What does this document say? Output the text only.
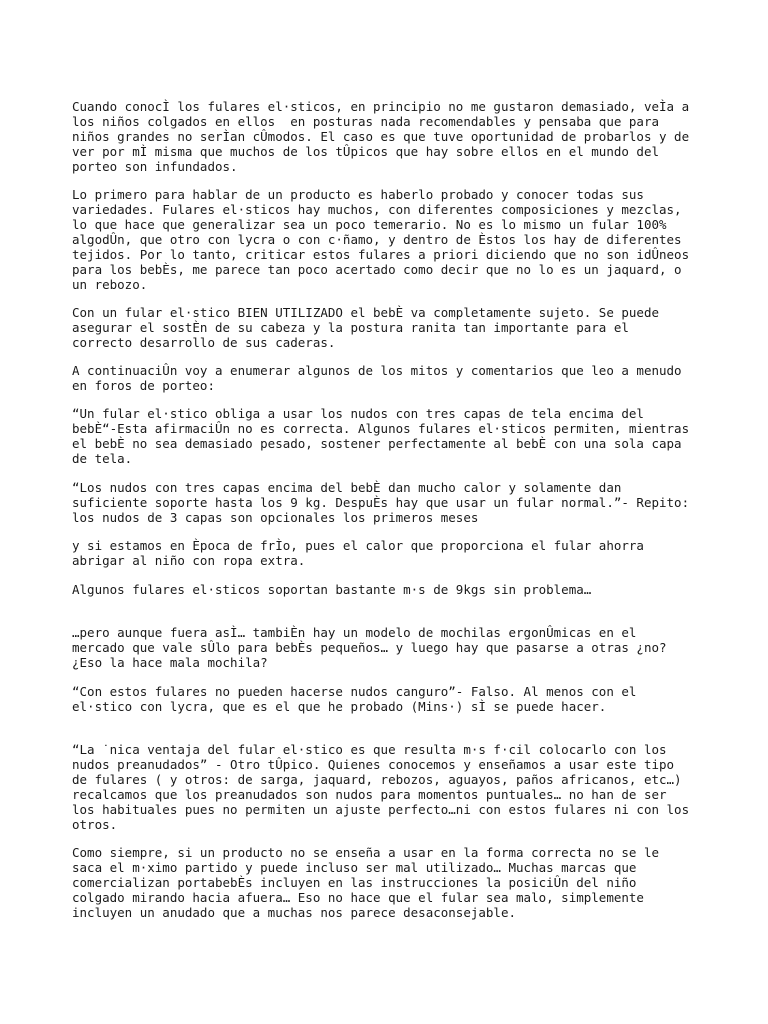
Cuando conocÌ los fulares el·sticos, en principio no me gustaron demasiado, veÌa a
los niños colgados en ellos  en posturas nada recomendables y pensaba que para
niños grandes no serÌan cÛmodos. El caso es que tuve oportunidad de probarlos y de
ver por mÌ misma que muchos de los tÛpicos que hay sobre ellos en el mundo del
porteo son infundados.

Lo primero para hablar de un producto es haberlo probado y conocer todas sus
variedades. Fulares el·sticos hay muchos, con diferentes composiciones y mezclas,
lo que hace que generalizar sea un poco temerario. No es lo mismo un fular 100%
algodÛn, que otro con lycra o con c·ñamo, y dentro de Èstos los hay de diferentes
tejidos. Por lo tanto, criticar estos fulares a priori diciendo que no son idÛneos
para los bebÈs, me parece tan poco acertado como decir que no lo es un jaquard, o
un rebozo.

Con un fular el·stico BIEN UTILIZADO el bebÈ va completamente sujeto. Se puede
asegurar el sostÈn de su cabeza y la postura ranita tan importante para el
correcto desarrollo de sus caderas.

A continuaciÛn voy a enumerar algunos de los mitos y comentarios que leo a menudo
en foros de porteo:

“Un fular el·stico obliga a usar los nudos con tres capas de tela encima del
bebÈ“-Esta afirmaciÛn no es correcta. Algunos fulares el·sticos permiten, mientras
el bebÈ no sea demasiado pesado, sostener perfectamente al bebÈ con una sola capa
de tela.

“Los nudos con tres capas encima del bebÈ dan mucho calor y solamente dan
suficiente soporte hasta los 9 kg. DespuÈs hay que usar un fular normal.”- Repito:
los nudos de 3 capas son opcionales los primeros meses

y si estamos en Època de frÌo, pues el calor que proporciona el fular ahorra
abrigar al niño con ropa extra.

Algunos fulares el·sticos soportan bastante m·s de 9kgs sin problema…

…pero aunque fuera asÌ… tambiÈn hay un modelo de mochilas ergonÛmicas en el
mercado que vale sÛlo para bebÈs pequeños… y luego hay que pasarse a otras ¿no?
¿Eso la hace mala mochila?

“Con estos fulares no pueden hacerse nudos canguro”- Falso. Al menos con el
el·stico con lycra, que es el que he probado (Mins·) sÌ se puede hacer.

“La ˙nica ventaja del fular el·stico es que resulta m·s f·cil colocarlo con los
nudos preanudados” - Otro tÛpico. Quienes conocemos y enseñamos a usar este tipo
de fulares ( y otros: de sarga, jaquard, rebozos, aguayos, paños africanos, etc…)
recalcamos que los preanudados son nudos para momentos puntuales… no han de ser
los habituales pues no permiten un ajuste perfecto…ni con estos fulares ni con los
otros.

Como siempre, si un producto no se enseña a usar en la forma correcta no se le
saca el m·ximo partido y puede incluso ser mal utilizado… Muchas marcas que
comercializan portabebÈs incluyen en las instrucciones la posiciÛn del niño
colgado mirando hacia afuera… Eso no hace que el fular sea malo, simplemente
incluyen un anudado que a muchas nos parece desaconsejable.
